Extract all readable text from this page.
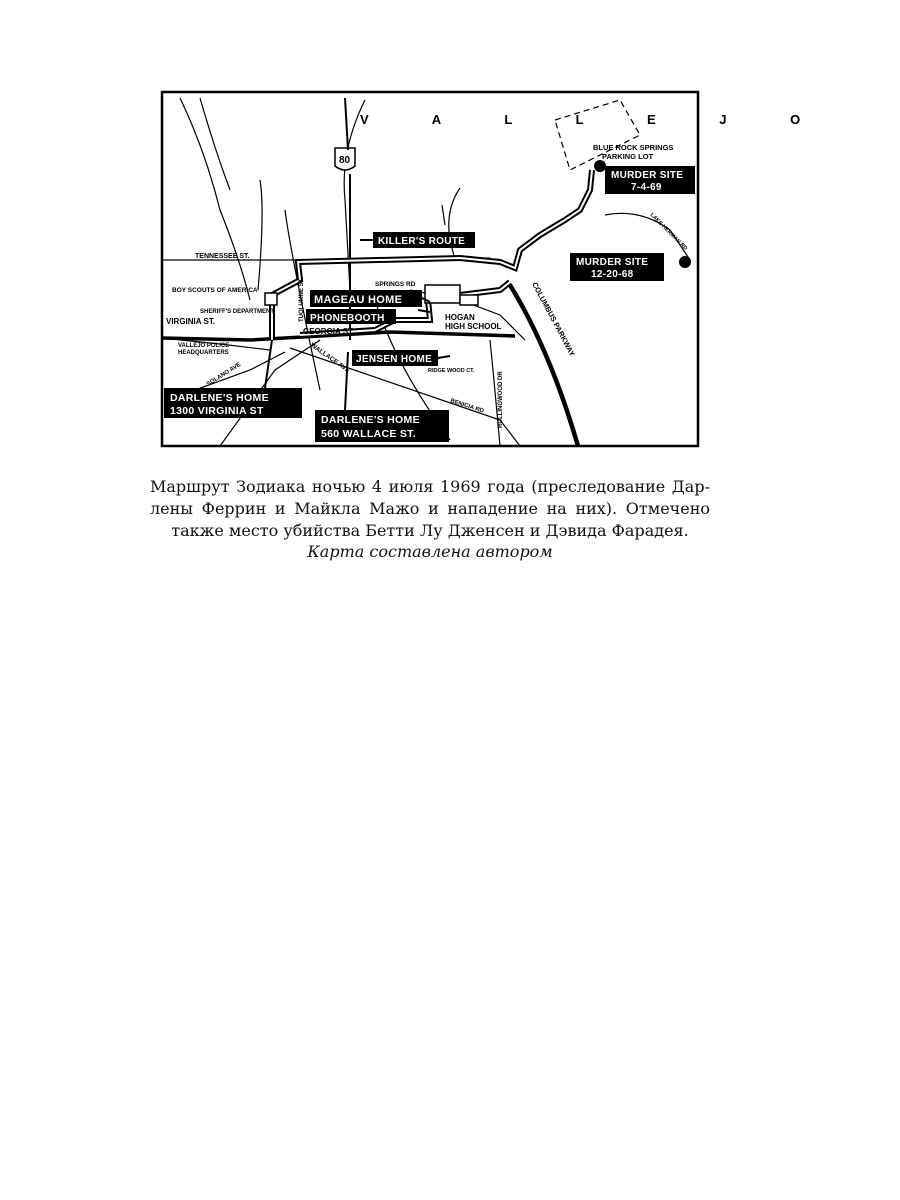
V A L L E J O
80
TENNESSEE ST.
VIRGINIA ST.
GEORGIA ST.
SPRINGS RD
BOY SCOUTS OF AMERICA
SHERIFF'S DEPARTMENT
VALLEJO POLICE
HEADQUARTERS
HOGAN
HIGH SCHOOL
RIDGE WOOD CT.
BLUE ROCK SPRINGS
PARKING LOT
TUOLUMNE ST.
WALLACE AVE
SOLANO AVE
BENICIA RD ROLLINGWOOD DR
COLUMBUS PARKWAY
LAKE HERMAN RD
KILLER'S ROUTE
MAGEAU HOME
PHONEBOOTH
JENSEN HOME
DARLENE'S HOME
1300 VIRGINIA ST
DARLENE'S HOME
560 WALLACE ST.
MURDER SITE
7-4-69
MURDER SITE
12-20-68
Маршрут Зодиака ночью 4 июля 1969 года (преследование Дар-
лены Феррин и Майкла Мажо и нападение на них). Отмечено
также место убийства Бетти Лу Дженсен и Дэвида Фарадея.
Карта составлена автором
